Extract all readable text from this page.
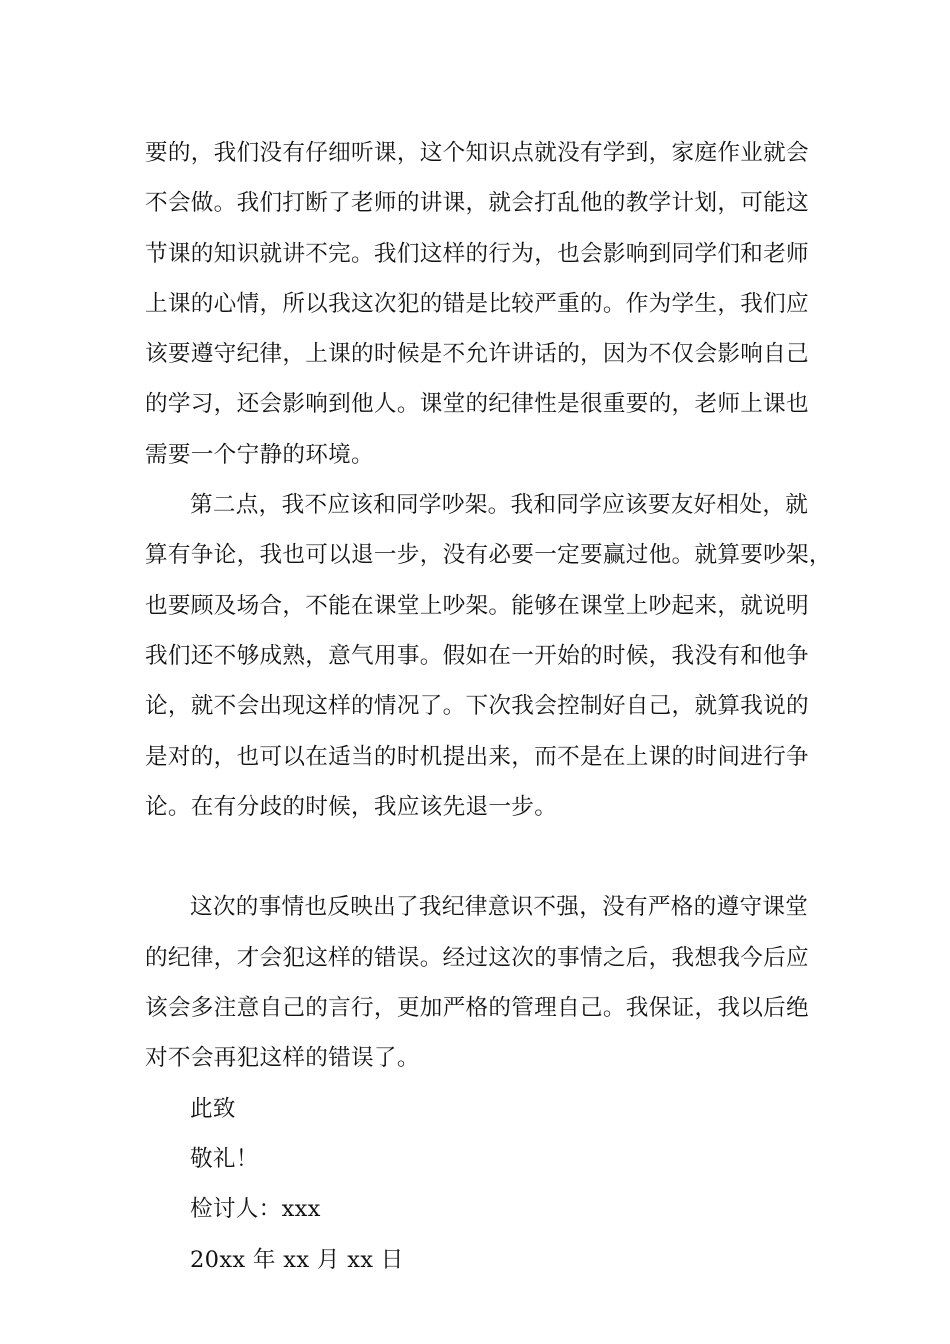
要的，我们没有仔细听课，这个知识点就没有学到，家庭作业就会
不会做。我们打断了老师的讲课，就会打乱他的教学计划，可能这
节课的知识就讲不完。我们这样的行为，也会影响到同学们和老师
上课的心情，所以我这次犯的错是比较严重的。作为学生，我们应
该要遵守纪律，上课的时候是不允许讲话的，因为不仅会影响自己
的学习，还会影响到他人。课堂的纪律性是很重要的，老师上课也
需要一个宁静的环境。
第二点，我不应该和同学吵架。我和同学应该要友好相处，就
算有争论，我也可以退一步，没有必要一定要赢过他。就算要吵架，
也要顾及场合，不能在课堂上吵架。能够在课堂上吵起来，就说明
我们还不够成熟，意气用事。假如在一开始的时候，我没有和他争
论，就不会出现这样的情况了。下次我会控制好自己，就算我说的
是对的，也可以在适当的时机提出来，而不是在上课的时间进行争
论。在有分歧的时候，我应该先退一步。
这次的事情也反映出了我纪律意识不强，没有严格的遵守课堂
的纪律，才会犯这样的错误。经过这次的事情之后，我想我今后应
该会多注意自己的言行，更加严格的管理自己。我保证，我以后绝
对不会再犯这样的错误了。
此致
敬礼！
检讨人：xxx
20xx 年 xx 月 xx 日
